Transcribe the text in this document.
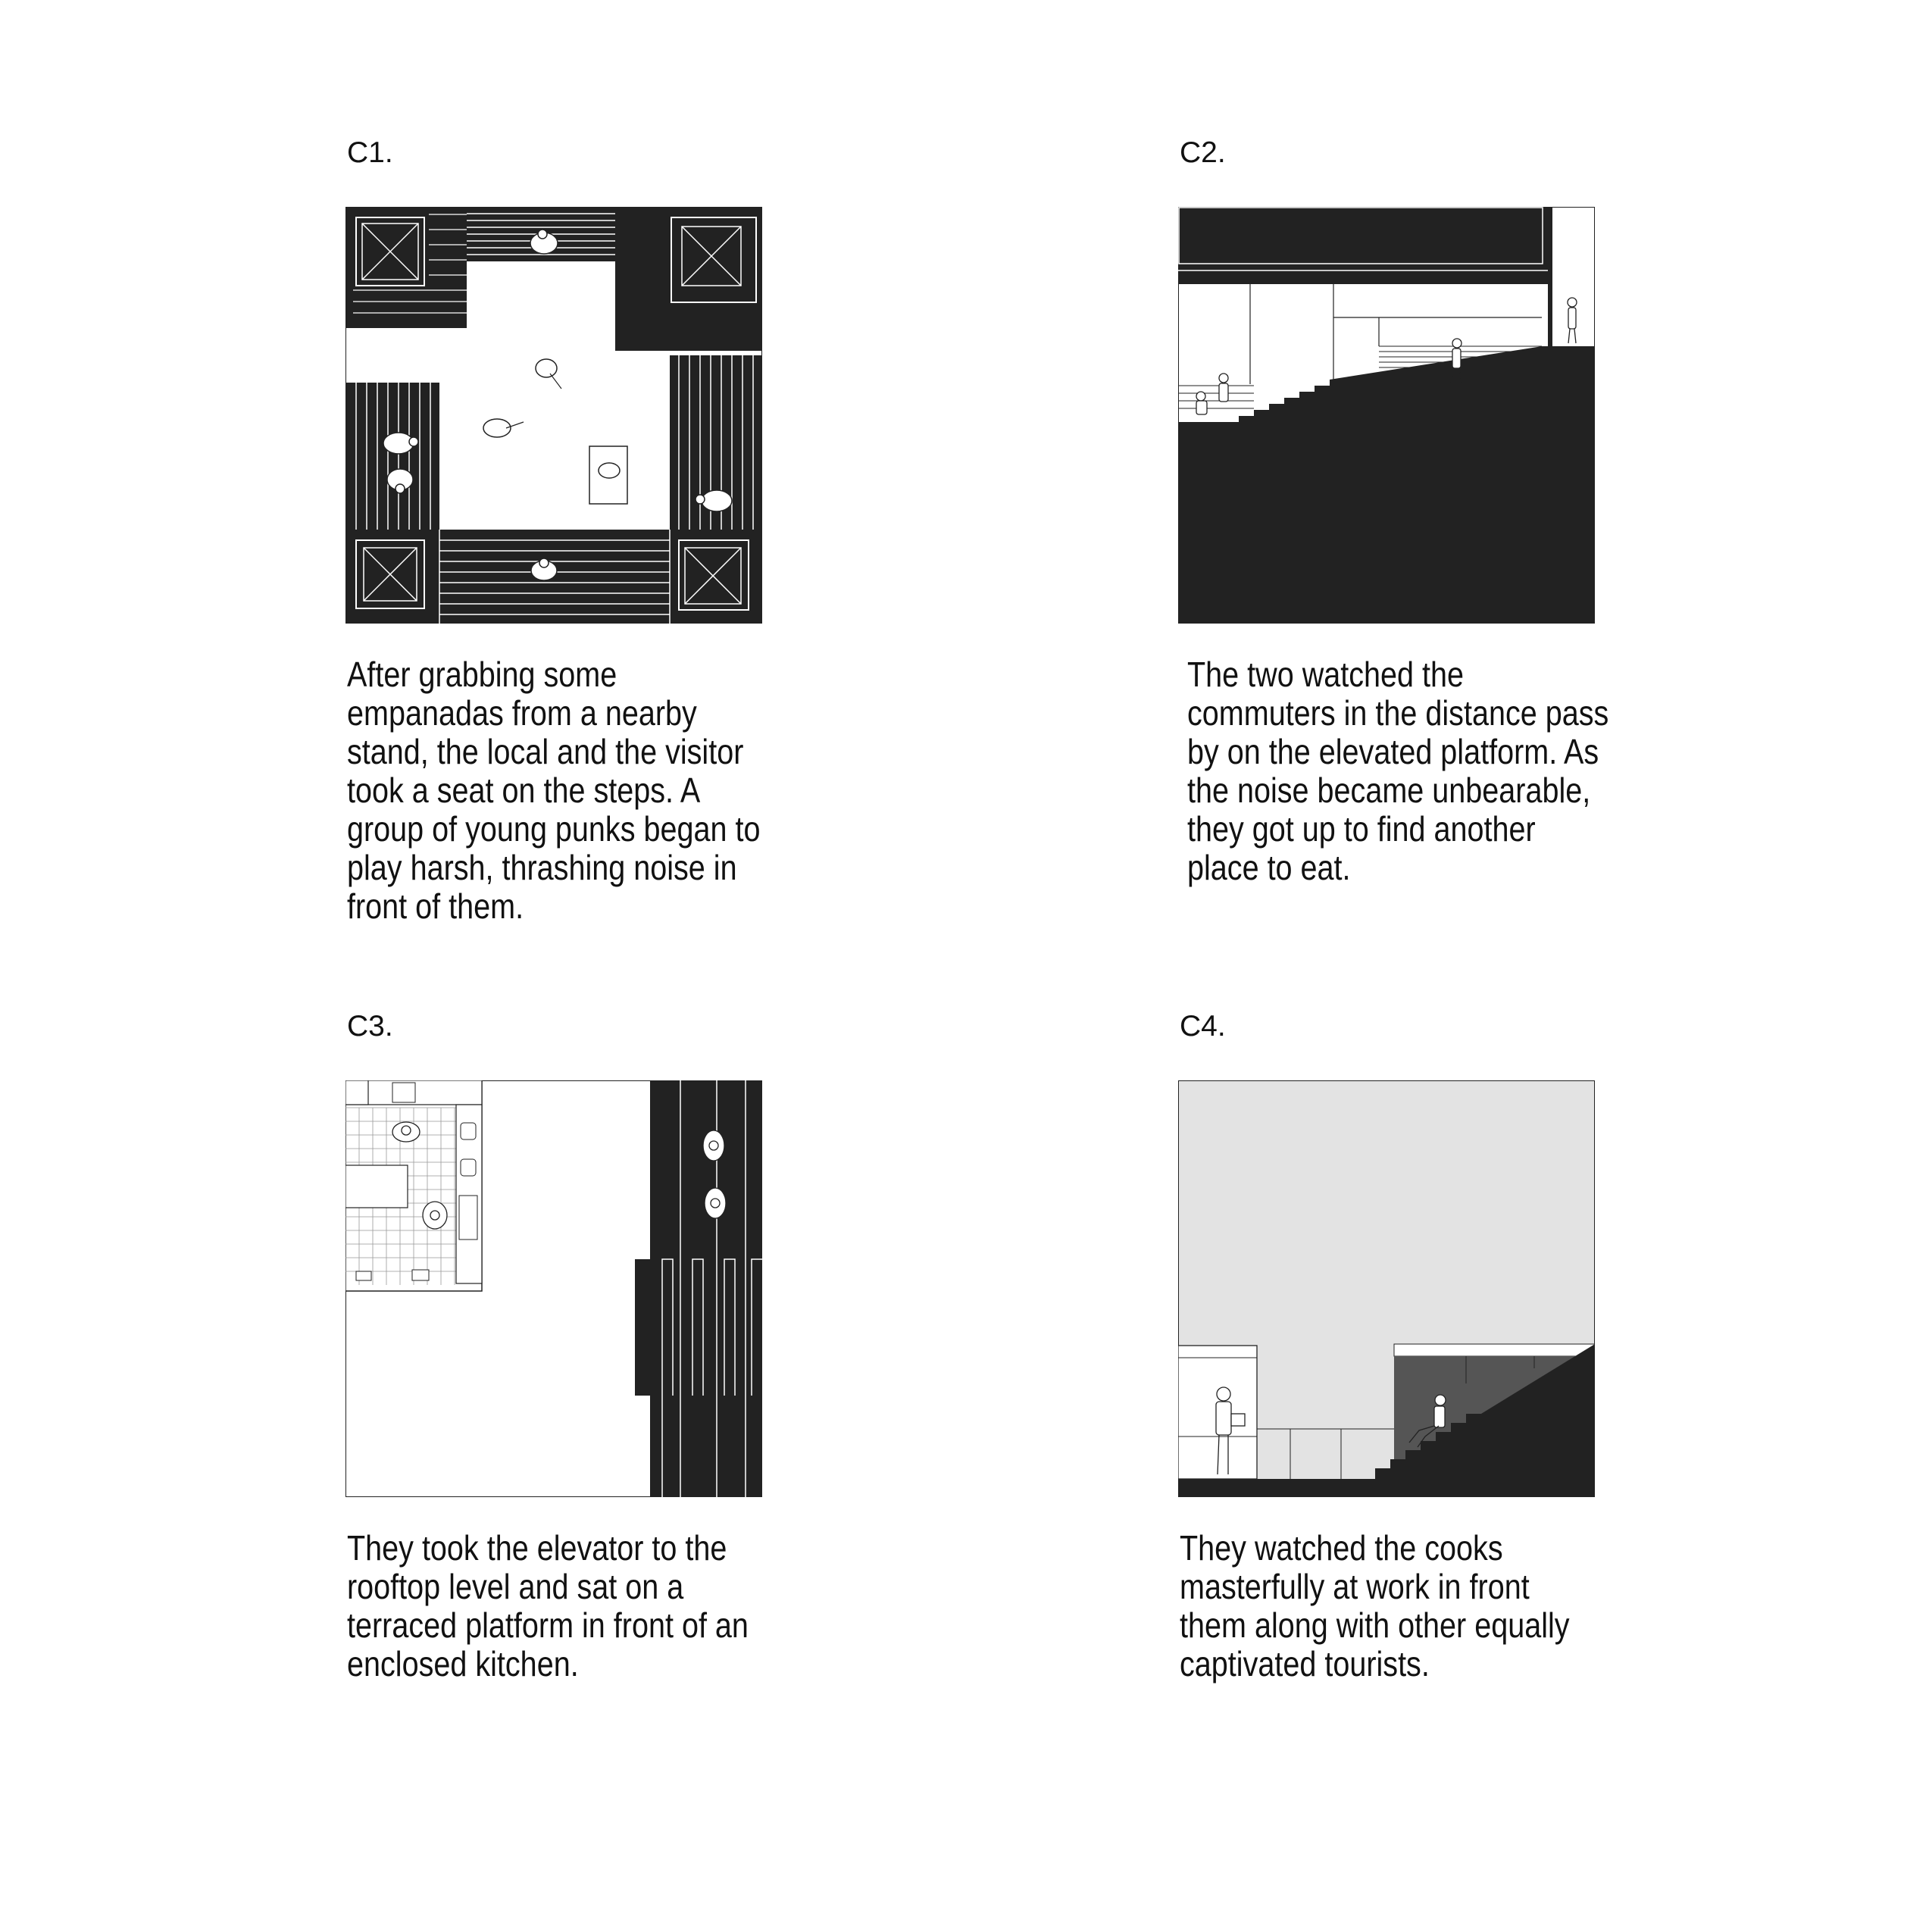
C1.
After grabbing some empanadas from a nearby stand, the local and the visitor took a seat on the steps. A group of young punks began to play harsh, thrashing noise in front of them.
C2.
The two watched the commuters in the distance pass by on the elevated platform. As the noise became unbearable, they got up to find another place to eat.
C3.
They took the elevator to the rooftop level and sat on a terraced platform in front of an enclosed kitchen.
C4.
They watched the cooks masterfully at work in front them along with other equally captivated tourists.
